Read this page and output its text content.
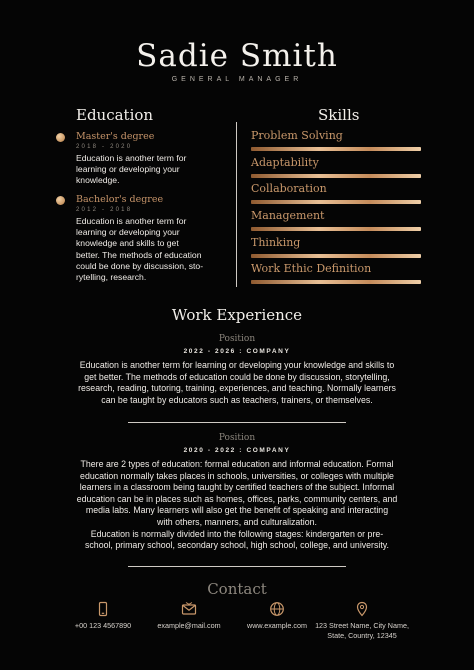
Sadie Smith
GENERAL MANAGER
Education
Master's degree
2018 - 2020
Education is another term for
learning or developing your
knowledge.
Bachelor's degree
2012 - 2018
Education is another term for
learning or developing your
knowledge and skills to get
better. The methods of education
could be done by discussion, sto-
rytelling, research.
Skills
Problem Solving
Adaptability
Collaboration
Management
Thinking
Work Ethic Definition
Work Experience
Position
2022 - 2026 : COMPANY
Education is another term for learning or developing your knowledge and skills to
get better. The methods of education could be done by discussion, storytelling,
research, reading, tutoring, training, experiences, and teaching. Normally learners
can be taught by educators such as teachers, trainers, or themselves.
Position
2020 - 2022 : COMPANY
There are 2 types of education: formal education and informal education. Formal
education normally takes places in schools, universities, or colleges with multiple
learners in a classroom being taught by certified teachers of the subject. Informal
education can be in places such as homes, offices, parks, community centers, and
media labs. Many learners will also get the benefit of speaking and interacting
with others, manners, and culturalization.
Education is normally divided into the following stages: kindergarten or pre-
school, primary school, secondary school, high school, college, and university.
Contact
+00 123 4567890	example@mail.com	www.example.com	123 Street Name, City Name,
State, Country, 12345
